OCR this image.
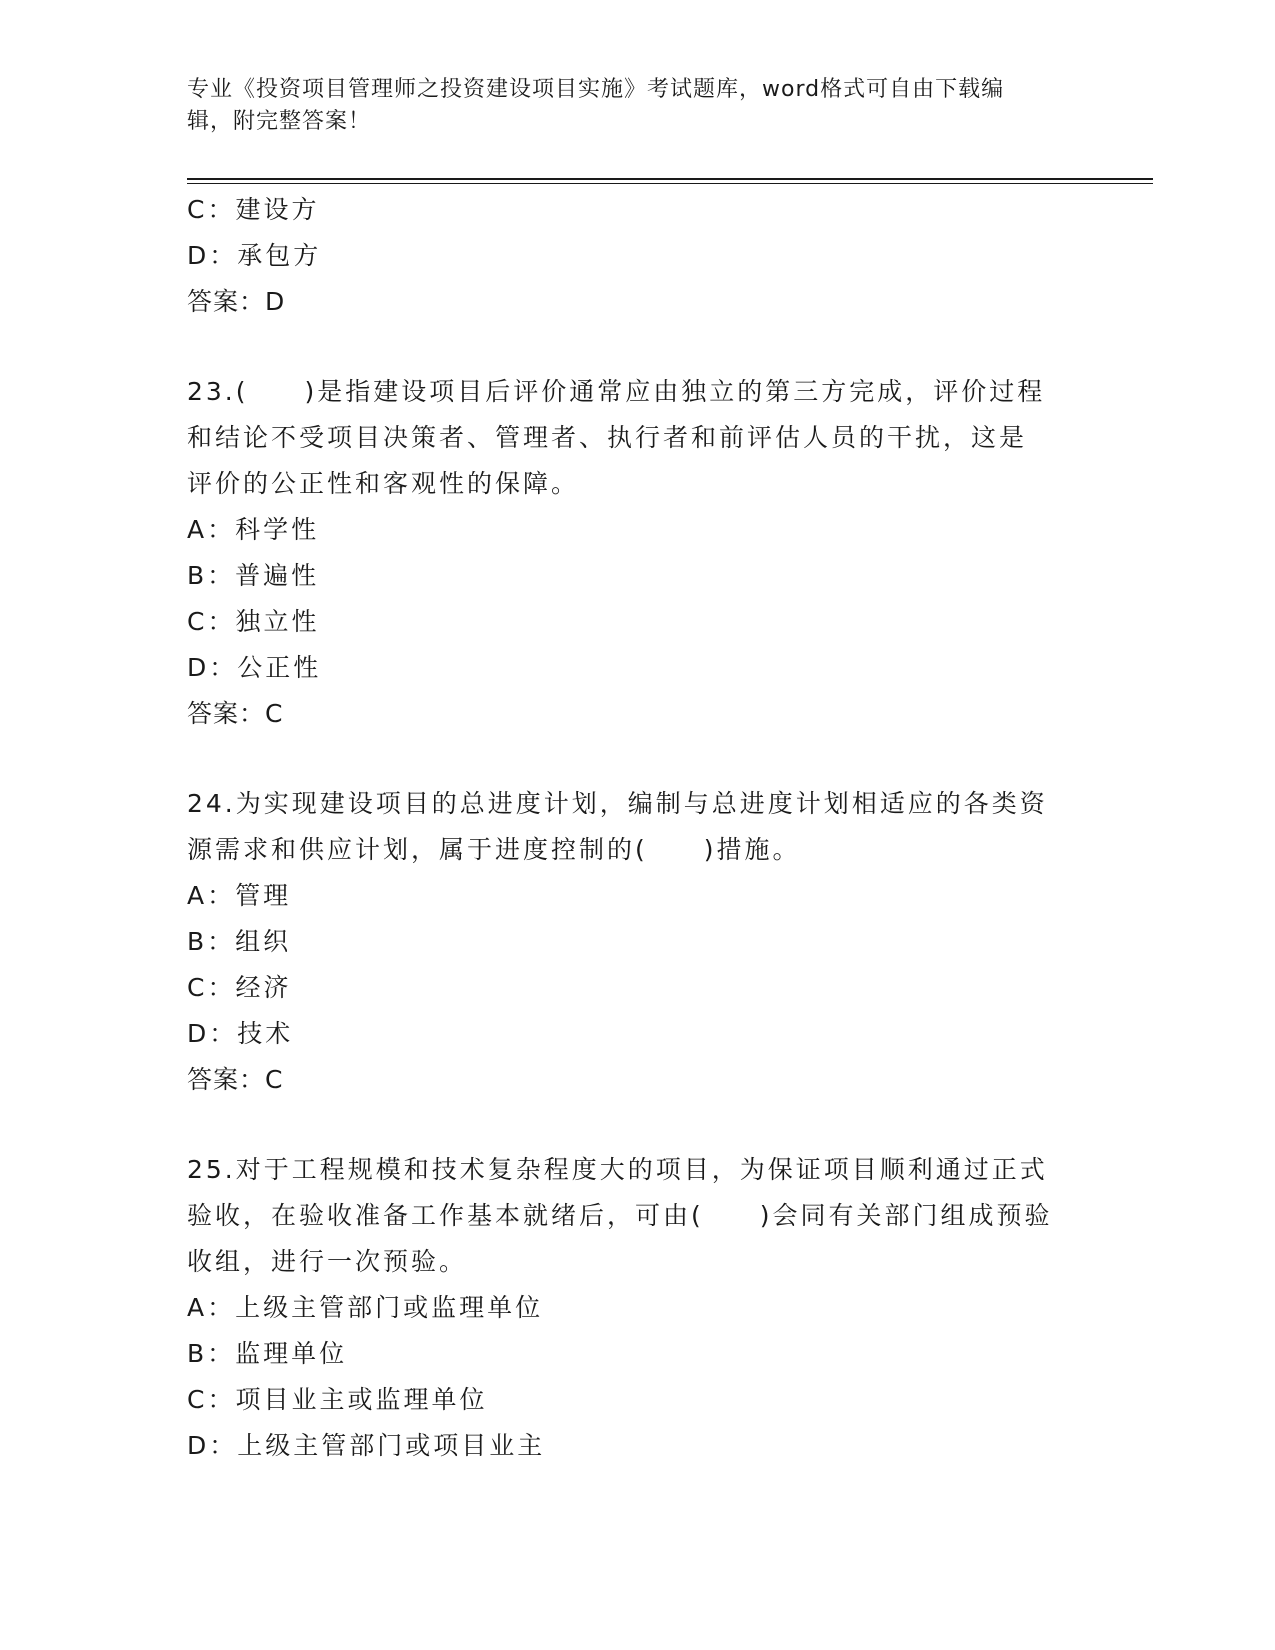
专业《投资项目管理师之投资建设项目实施》考试题库，word格式可自由下载编
辑，附完整答案！
C：建设方
D：承包方
答案：D
23.(　　)是指建设项目后评价通常应由独立的第三方完成，评价过程
和结论不受项目决策者、管理者、执行者和前评估人员的干扰，这是
评价的公正性和客观性的保障。
A：科学性
B：普遍性
C：独立性
D：公正性
答案：C
24.为实现建设项目的总进度计划，编制与总进度计划相适应的各类资
源需求和供应计划，属于进度控制的(　　)措施。
A：管理
B：组织
C：经济
D：技术
答案：C
25.对于工程规模和技术复杂程度大的项目，为保证项目顺利通过正式
验收，在验收准备工作基本就绪后，可由(　　)会同有关部门组成预验
收组，进行一次预验。
A：上级主管部门或监理单位
B：监理单位
C：项目业主或监理单位
D：上级主管部门或项目业主
